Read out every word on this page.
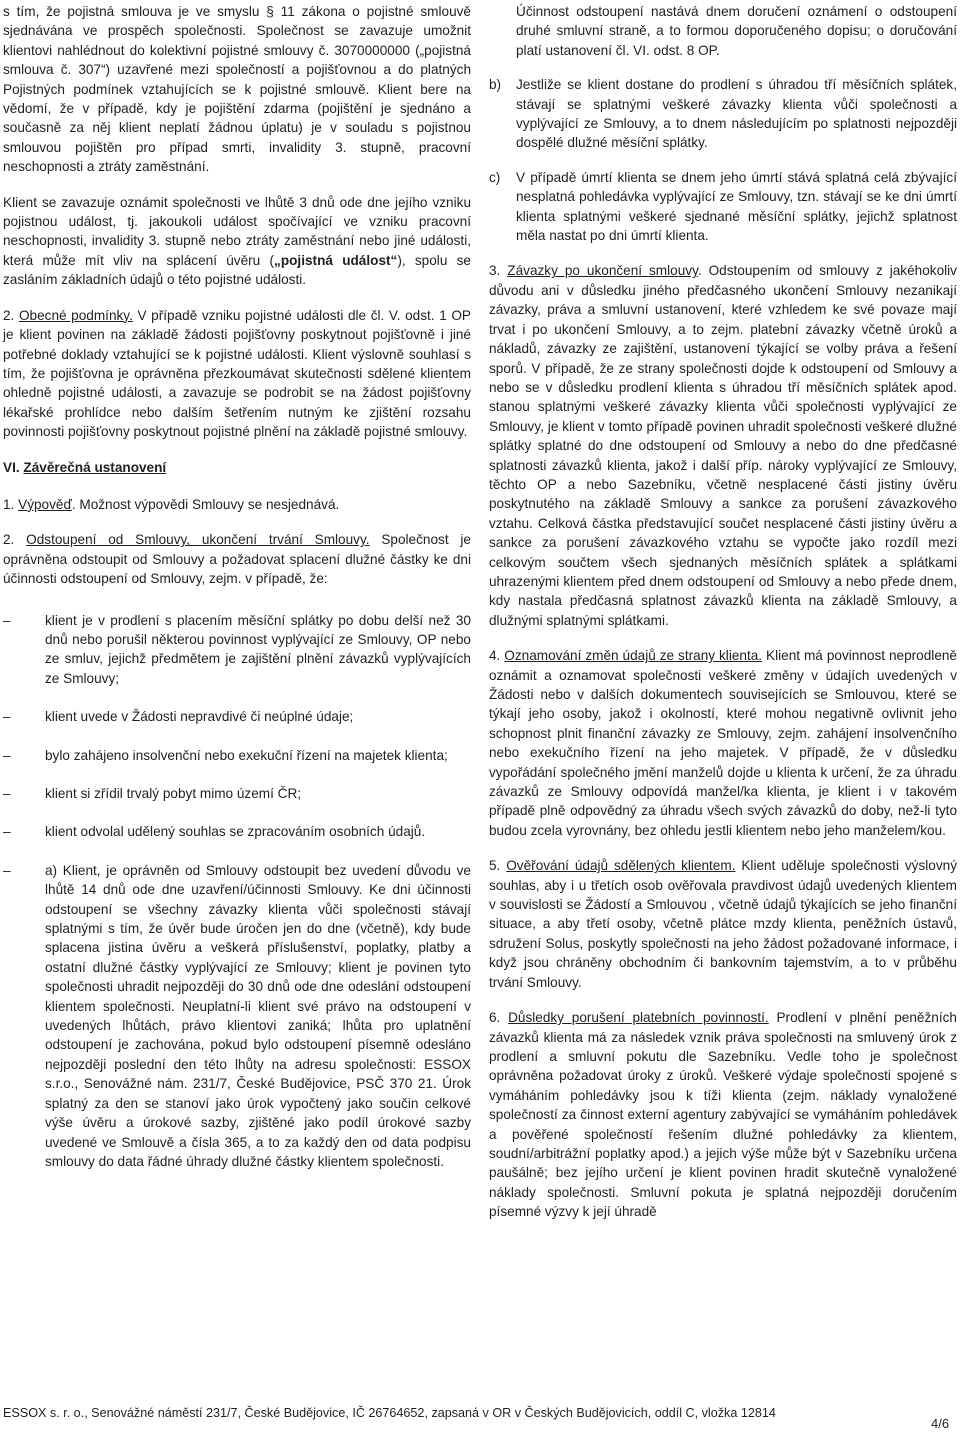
s tím, že pojistná smlouva je ve smyslu § 11 zákona o pojistné smlouvě sjednávána ve prospěch společnosti. Společnost se zavazuje umožnit klientovi nahlédnout do kolektivní pojistné smlouvy č. 3070000000 („pojistná smlouva č. 307“) uzavřené mezi společností a pojišťovnou a do platných Pojistných podmínek vztahujících se k pojistné smlouvě. Klient bere na vědomí, že v případě, kdy je pojištění zdarma (pojištění je sjednáno a současně za něj klient neplatí žádnou úplatu) je v souladu s pojistnou smlouvou pojištěn pro případ smrti, invalidity 3. stupně, pracovní neschopnosti a ztráty zaměstnání.

Klient se zavazuje oznámit společnosti ve lhůtě 3 dnů ode dne jejího vzniku pojistnou událost, tj. jakoukoli událost spočívající ve vzniku pracovní neschopnosti, invalidity 3. stupně nebo ztráty zaměstnání nebo jiné události, která může mít vliv na splácení úvěru („pojistná událost“), spolu se zasláním základních údajů o této pojistné události.

2. Obecné podmínky. V případě vzniku pojistné události dle čl. V. odst. 1 OP je klient povinen na základě žádosti pojišťovny poskytnout pojišťovně i jiné potřebné doklady vztahující se k pojistné události. Klient výslovně souhlasí s tím, že pojišťovna je oprávněna přezkoumávat skutečnosti sdělené klientem ohledně pojistné události, a zavazuje se podrobit se na žádost pojišťovny lékařské prohlídce nebo dalším šetřením nutným ke zjištění rozsahu povinnosti pojišťovny poskytnout pojistné plnění na základě pojistné smlouvy.

VI. Závěrečná ustanovení

1. Výpověď. Možnost výpovědi Smlouvy se nesjednává.

2. Odstoupení od Smlouvy, ukončení trvání Smlouvy. Společnost je oprávněna odstoupit od Smlouvy a požadovat splacení dlužné částky ke dni účinnosti odstoupení od Smlouvy, zejm. v případě, že:

–	klient je v prodlení s placením měsíční splátky po dobu delší než 30 dnů nebo porušil některou povinnost vyplývající ze Smlouvy, OP nebo ze smluv, jejichž předmětem je zajištění plnění závazků vyplývajících ze Smlouvy;
–	klient uvede v Žádosti nepravdivé či neúplné údaje;
–	bylo zahájeno insolvenční nebo exekuční řízení na majetek klienta;
–	klient si zřídil trvalý pobyt mimo území ČR;
–	klient odvolal udělený souhlas se zpracováním osobních údajů.
–	a) Klient, je oprávněn od Smlouvy odstoupit bez uvedení důvodu ve lhůtě 14 dnů ode dne uzavření/účinnosti Smlouvy. Ke dni účinnosti odstoupení se všechny závazky klienta vůči společnosti stávají splatnými s tím, že úvěr bude úročen jen do dne (včetně), kdy bude splacena jistina úvěru a veškerá příslušenství, poplatky, platby a ostatní dlužné částky vyplývající ze Smlouvy; klient je povinen tyto společnosti uhradit nejpozději do 30 dnů ode dne odeslání odstoupení klientem společnosti. Neuplatní-li klient své právo na odstoupení v uvedených lhůtách, právo klientovi zaniká; lhůta pro uplatnění odstoupení je zachována, pokud bylo odstoupení písemně odesláno nejpozději poslední den této lhůty na adresu společnosti: ESSOX s.r.o., Senovážné nám. 231/7, České Budějovice, PSČ 370 21. Úrok splatný za den se stanoví jako úrok vypočtený jako součin celkové výše úvěru a úrokové sazby, zjištěné jako podíl úrokové sazby uvedené ve Smlouvě a čísla 365, a to za každý den od data podpisu smlouvy do data řádné úhrady dlužné částky klientem společnosti.

Účinnost odstoupení nastává dnem doručení oznámení o odstoupení druhé smluvní straně, a to formou doporučeného dopisu; o doručování platí ustanovení čl. VI. odst. 8 OP.

b) Jestliže se klient dostane do prodlení s úhradou tří měsíčních splátek, stávají se splatnými veškeré závazky klienta vůči společnosti a vyplývající ze Smlouvy, a to dnem následujícím po splatnosti nejpozději dospělé dlužné měsíční splátky.
c) V případě úmrtí klienta se dnem jeho úmrtí stává splatná celá zbývající nesplatná pohledávka vyplývající ze Smlouvy, tzn. stávají se ke dni úmrtí klienta splatnými veškeré sjednané měsíční splátky, jejichž splatnost měla nastat po dni úmrtí klienta.

3. Závazky po ukončení smlouvy. Odstoupením od smlouvy z jakéhokoliv důvodu ani v důsledku jiného předčasného ukončení Smlouvy nezanikají závazky, práva a smluvní ustanovení, které vzhledem ke své povaze mají trvat i po ukončení Smlouvy, a to zejm. platební závazky včetně úroků a nákladů, závazky ze zajištění, ustanovení týkající se volby práva a řešení sporů. V případě, že ze strany společnosti dojde k odstoupení od Smlouvy a nebo se v důsledku prodlení klienta s úhradou tří měsíčních splátek apod. stanou splatnými veškeré závazky klienta vůči společnosti vyplývající ze Smlouvy, je klient v tomto případě povinen uhradit společnosti veškeré dlužné splátky splatné do dne odstoupení od Smlouvy a nebo do dne předčasné splatnosti závazků klienta, jakož i další příp. nároky vyplývající ze Smlouvy, těchto OP a nebo Sazebníku, včetně nesplacené části jistiny úvěru poskytnutého na základě Smlouvy a sankce za porušení závazkového vztahu. Celková částka představující součet nesplacené části jistiny úvěru a sankce za porušení závazkového vztahu se vypočte jako rozdíl mezi celkovým součtem všech sjednaných měsíčních splátek a splátkami uhrazenými klientem před dnem odstoupení od Smlouvy a nebo přede dnem, kdy nastala předčasná splatnost závazků klienta na základě Smlouvy, a dlužnými splatnými splátkami.

4. Oznamování změn údajů ze strany klienta. Klient má povinnost neprodleně oznámit a oznamovat společnosti veškeré změny v údajích uvedených v Žádosti nebo v dalších dokumentech souvisejících se Smlouvou, které se týkají jeho osoby, jakož i okolností, které mohou negativně ovlivnit jeho schopnost plnit finanční závazky ze Smlouvy, zejm. zahájení insolvenčního nebo exekučního řízení na jeho majetek. V případě, že v důsledku vypořádání společného jmění manželů dojde u klienta k určení, že za úhradu závazků ze Smlouvy odpovídá manžel/ka klienta, je klient i v takovém případě plně odpovědný za úhradu všech svých závazků do doby, než-li tyto budou zcela vyrovnány, bez ohledu jestli klientem nebo jeho manželem/kou.

5. Ověřování údajů sdělených klientem. Klient uděluje společnosti výslovný souhlas, aby i u třetích osob ověřovala pravdivost údajů uvedených klientem v souvislosti se Žádostí a Smlouvou , včetně údajů týkajících se jeho finanční situace, a aby třetí osoby, včetně plátce mzdy klienta, peněžních ústavů, sdružení Solus, poskytly společnosti na jeho žádost požadované informace, i když jsou chráněny obchodním či bankovním tajemstvím, a to v průběhu trvání Smlouvy.

6. Důsledky porušení platebních povinností. Prodlení v plnění peněžních závazků klienta má za následek vznik práva společnosti na smluvený úrok z prodlení a smluvní pokutu dle Sazebníku. Vedle toho je společnost oprávněna požadovat úroky z úroků. Veškeré výdaje společnosti spojené s vymáháním pohledávky jsou k tíži klienta (zejm. náklady vynaložené společností za činnost externí agentury zabývající se vymáháním pohledávek a pověřené společností řešením dlužné pohledávky za klientem, soudní/arbitrážní poplatky apod.) a jejich výše může být v Sazebníku určena paušálně; bez jejího určení je klient povinen hradit skutečně vynaložené náklady společnosti. Smluvní pokuta je splatná nejpozději doručením písemné výzvy k její úhradě

ESSOX s. r. o., Senovážné náměstí 231/7, České Budějovice, IČ 26764652, zapsaná v OR v Českých Budějovicích, oddíl C, vložka 12814
4/6
